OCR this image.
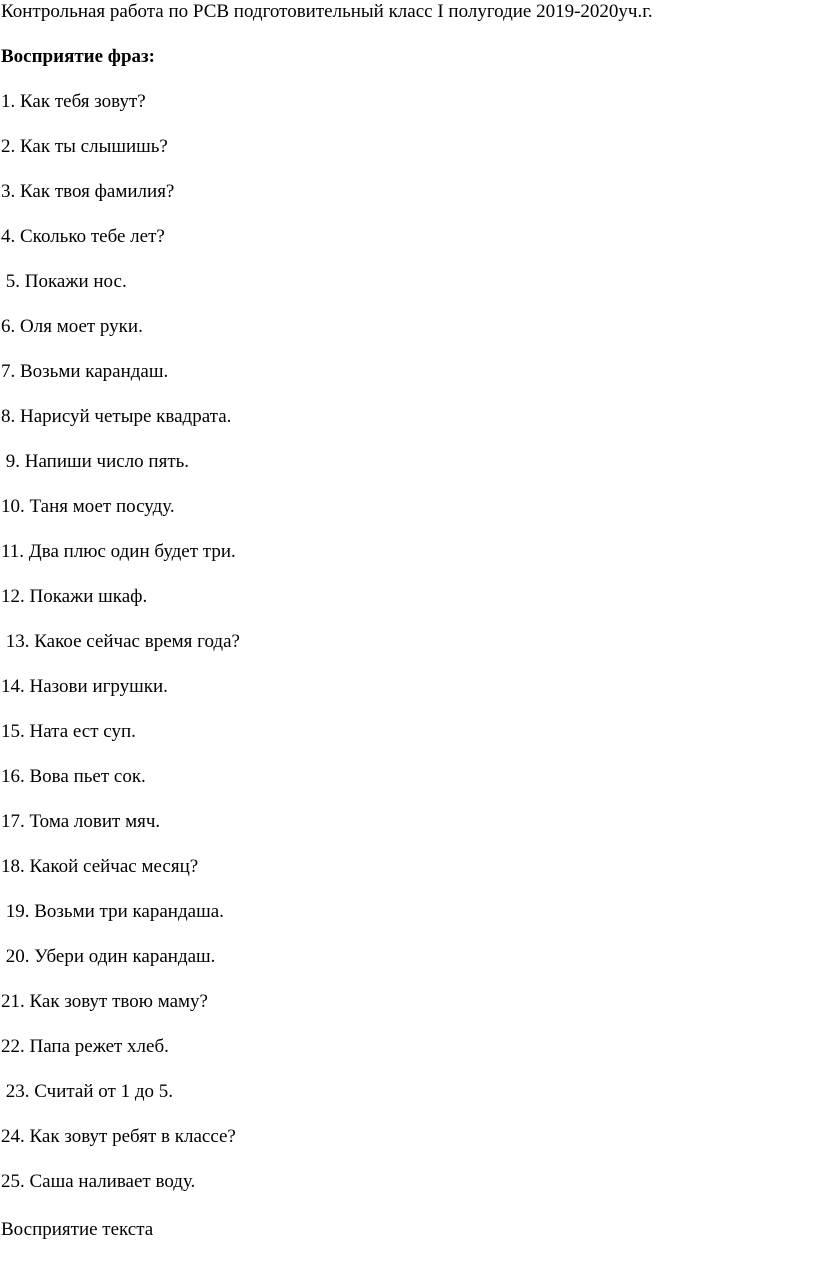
Контрольная работа по РСВ подготовительный класс I полугодие 2019-2020уч.г.

Восприятие фраз:

1. Как тебя зовут?
2. Как ты слышишь?
3. Как твоя фамилия?
4. Сколько тебе лет?
5. Покажи нос.
6. Оля моет руки.
7. Возьми карандаш.
8. Нарисуй четыре квадрата.
9. Напиши число пять.
10. Таня моет посуду.
11. Два плюс один будет три.
12. Покажи шкаф.
13. Какое сейчас время года?
14. Назови игрушки.
15. Ната ест суп.
16. Вова пьет сок.
17. Тома ловит мяч.
18. Какой сейчас месяц?
19. Возьми три карандаша.
20. Убери один карандаш.
21. Как зовут твою маму?
22. Папа режет хлеб.
23. Считай от 1 до 5.
24. Как зовут ребят в классе?
25. Саша наливает воду.

Восприятие текста
